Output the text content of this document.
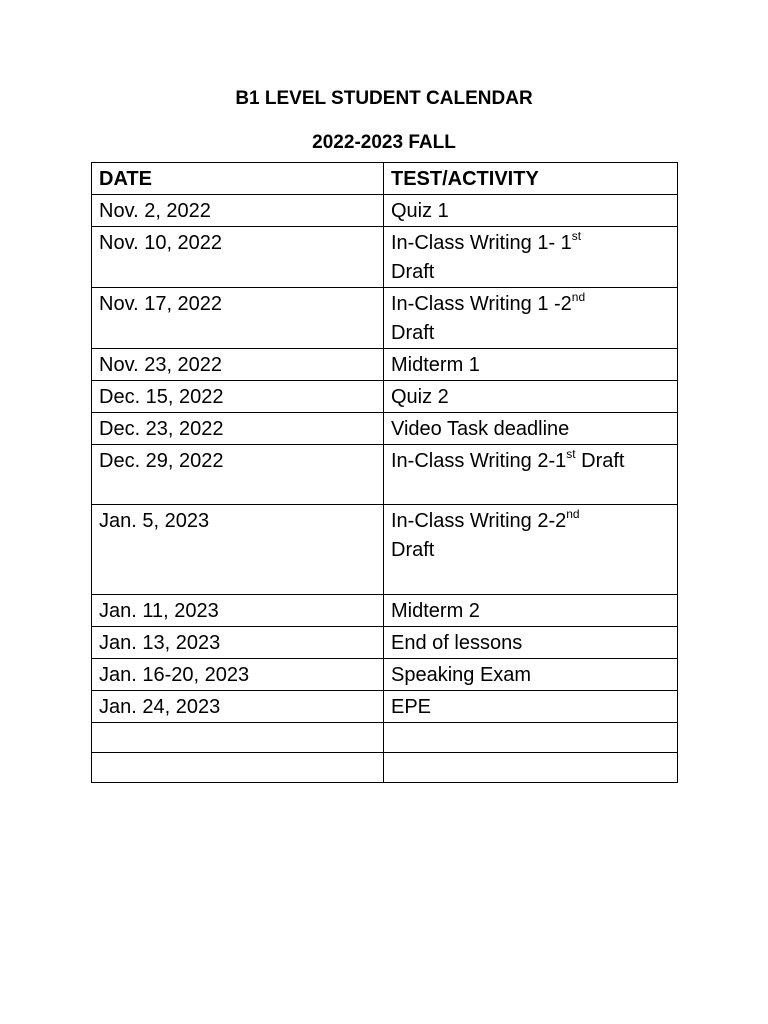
B1 LEVEL STUDENT CALENDAR
2022-2023 FALL
DATE	TEST/ACTIVITY
Nov. 2, 2022	Quiz 1
Nov. 10, 2022	In-Class Writing 1- 1st
Draft
Nov. 17, 2022	In-Class Writing 1 -2nd
Draft
Nov. 23, 2022	Midterm 1
Dec. 15, 2022	Quiz 2
Dec. 23, 2022	Video Task deadline
Dec. 29, 2022	In-Class Writing 2-1st Draft
Jan. 5, 2023	In-Class Writing 2-2nd
Draft
Jan. 11, 2023	Midterm 2
Jan. 13, 2023	End of lessons
Jan. 16-20, 2023	Speaking Exam
Jan. 24, 2023	EPE
